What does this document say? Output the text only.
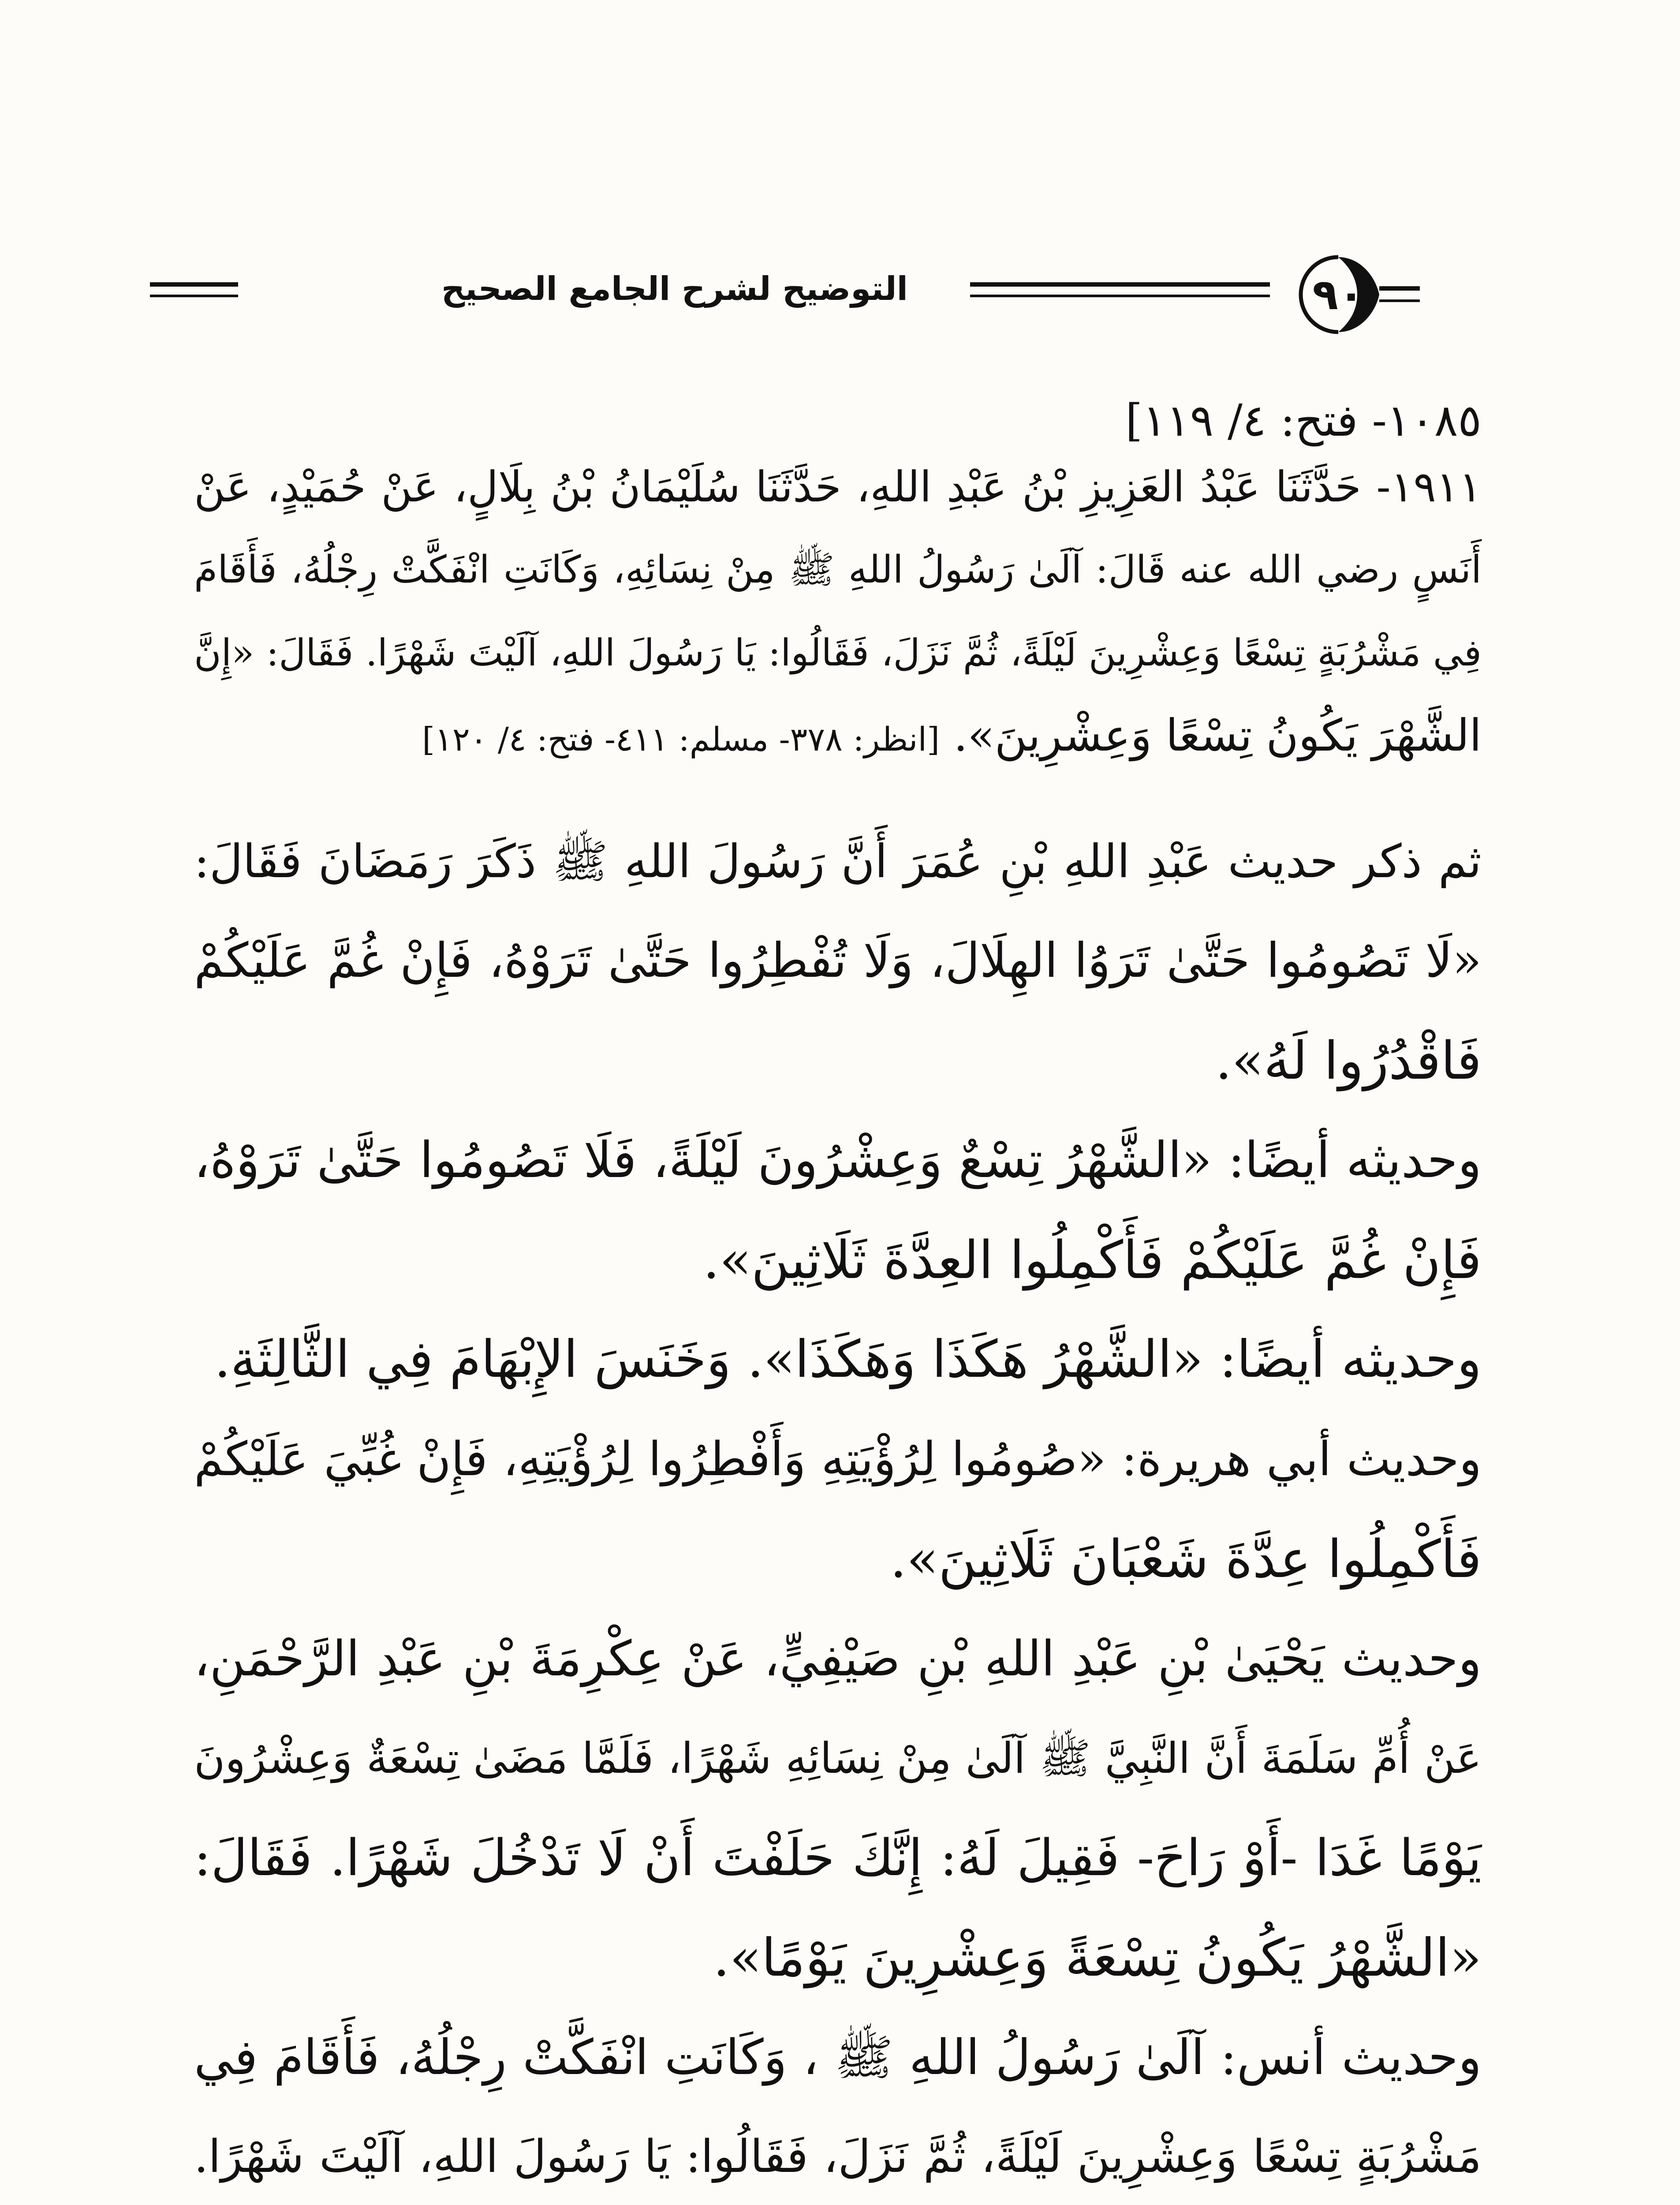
التوضيح لشرح الجامع الصحيح	٩٠
١٠٨٥- فتح: ٤/ ١١٩]
١٩١١- حَدَّثَنَا عَبْدُ العَزِيزِ بْنُ عَبْدِ اللهِ، حَدَّثَنَا سُلَيْمَانُ بْنُ بِلَالٍ، عَنْ حُمَيْدٍ، عَنْ
أَنَسٍ رضي الله عنه قَالَ: آلَىٰ رَسُولُ اللهِ ﷺ مِنْ نِسَائِهِ، وَكَانَتِ انْفَكَّتْ رِجْلُهُ، فَأَقَامَ
فِي مَشْرُبَةٍ تِسْعًا وَعِشْرِينَ لَيْلَةً، ثُمَّ نَزَلَ، فَقَالُوا: يَا رَسُولَ اللهِ، آلَيْتَ شَهْرًا. فَقَالَ: «إِنَّ
الشَّهْرَ يَكُونُ تِسْعًا وَعِشْرِينَ». [انظر: ٣٧٨- مسلم: ٤١١- فتح: ٤/ ١٢٠]
ثم ذكر حديث عَبْدِ اللهِ بْنِ عُمَرَ أَنَّ رَسُولَ اللهِ ﷺ ذَكَرَ رَمَضَانَ فَقَالَ:
«لَا تَصُومُوا حَتَّىٰ تَرَوُا الهِلَالَ، وَلَا تُفْطِرُوا حَتَّىٰ تَرَوْهُ، فَإِنْ غُمَّ عَلَيْكُمْ
فَاقْدُرُوا لَهُ».
وحديثه أيضًا: «الشَّهْرُ تِسْعٌ وَعِشْرُونَ لَيْلَةً، فَلَا تَصُومُوا حَتَّىٰ تَرَوْهُ،
فَإِنْ غُمَّ عَلَيْكُمْ فَأَكْمِلُوا العِدَّةَ ثَلَاثِينَ».
وحديثه أيضًا: «الشَّهْرُ هَكَذَا وَهَكَذَا». وَخَنَسَ الإِبْهَامَ فِي الثَّالِثَةِ.
وحديث أبي هريرة: «صُومُوا لِرُؤْيَتِهِ وَأَفْطِرُوا لِرُؤْيَتِهِ، فَإِنْ غُبِّيَ عَلَيْكُمْ
فَأَكْمِلُوا عِدَّةَ شَعْبَانَ ثَلَاثِينَ».
وحديث يَحْيَىٰ بْنِ عَبْدِ اللهِ بْنِ صَيْفِيٍّ، عَنْ عِكْرِمَةَ بْنِ عَبْدِ الرَّحْمَنِ،
عَنْ أُمِّ سَلَمَةَ أَنَّ النَّبِيَّ ﷺ آلَىٰ مِنْ نِسَائِهِ شَهْرًا، فَلَمَّا مَضَىٰ تِسْعَةٌ وَعِشْرُونَ
يَوْمًا غَدَا -أَوْ رَاحَ- فَقِيلَ لَهُ: إِنَّكَ حَلَفْتَ أَنْ لَا تَدْخُلَ شَهْرًا. فَقَالَ:
«الشَّهْرُ يَكُونُ تِسْعَةً وَعِشْرِينَ يَوْمًا».
وحديث أنس: آلَىٰ رَسُولُ اللهِ ﷺ ، وَكَانَتِ انْفَكَّتْ رِجْلُهُ، فَأَقَامَ فِي
مَشْرُبَةٍ تِسْعًا وَعِشْرِينَ لَيْلَةً، ثُمَّ نَزَلَ، فَقَالُوا: يَا رَسُولَ اللهِ، آلَيْتَ شَهْرًا.
